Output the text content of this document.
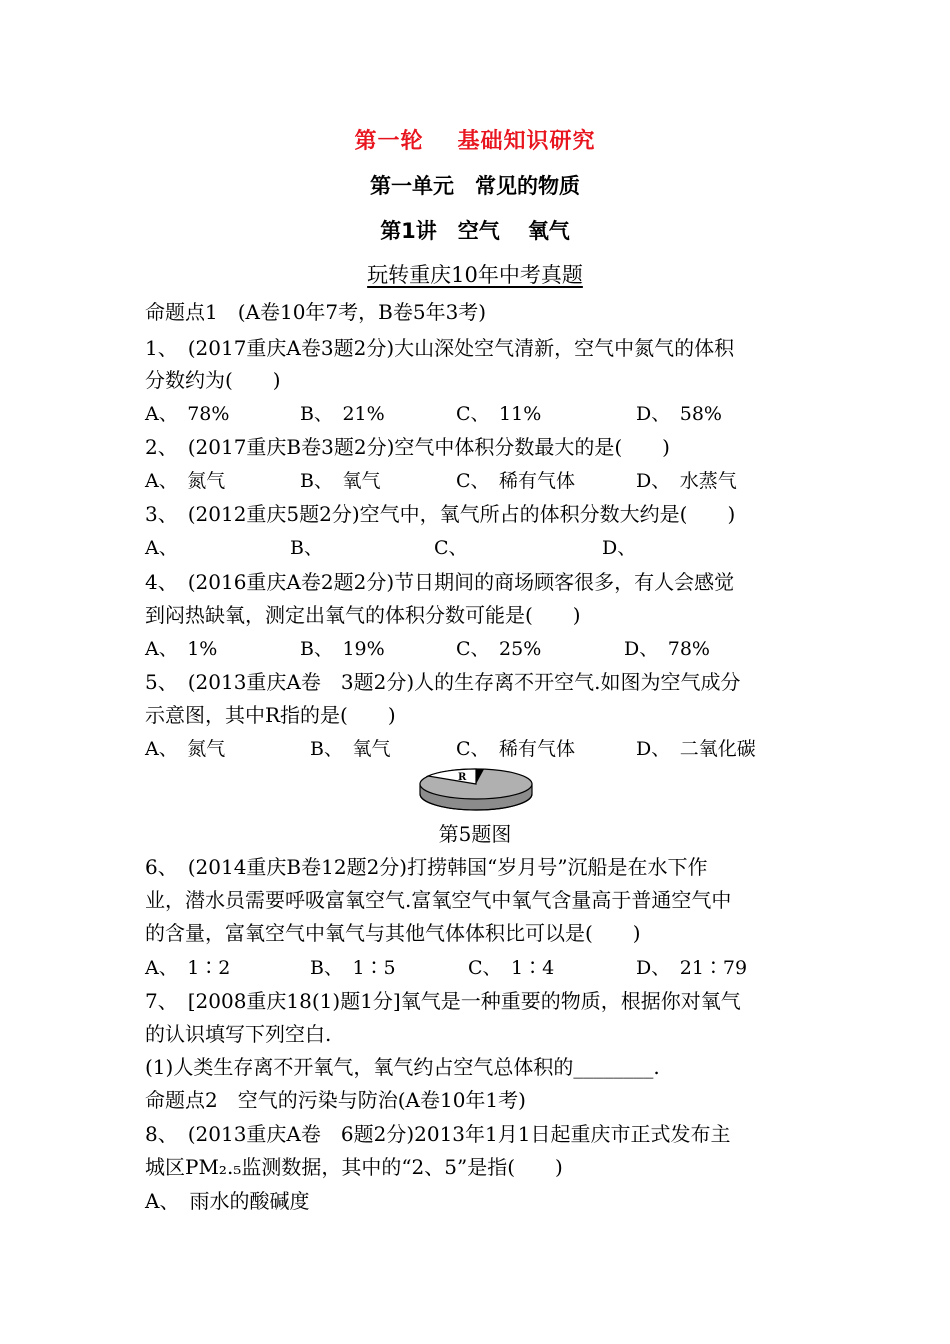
第一轮 基础知识研究
第一单元　常见的物质
第1讲　空气 氧气
玩转重庆10年中考真题
命题点1　(A卷10年7考，B卷5年3考)
1、　(2017重庆A卷3题2分)大山深处空气清新，空气中氮气的体积
分数约为(　　)
A、　78%	B、　21%	C、　11%	D、　58%
2、　(2017重庆B卷3题2分)空气中体积分数最大的是(　　)
A、　氮气	B、　氧气	C、　稀有气体	D、　水蒸气
3、　(2012重庆5题2分)空气中，氧气所占的体积分数大约是(　　)
A、	B、	C、	D、
4、　(2016重庆A卷2题2分)节日期间的商场顾客很多，有人会感觉
到闷热缺氧，测定出氧气的体积分数可能是(　　)
A、　1%	B、　19%	C、　25%	D、　78%
5、　(2013重庆A卷　3题2分)人的生存离不开空气.如图为空气成分
示意图，其中R指的是(　　)
A、　氮气	B、　氧气	C、　稀有气体	D、　二氧化碳
R
第5题图
6、　(2014重庆B卷12题2分)打捞韩国“岁月号”沉船是在水下作
业，潜水员需要呼吸富氧空气.富氧空气中氧气含量高于普通空气中
的含量，富氧空气中氧气与其他气体体积比可以是(　　)
A、　1∶2	B、　1∶5	C、　1∶4	D、　21∶79
7、　[2008重庆18(1)题1分]氧气是一种重要的物质，根据你对氧气
的认识填写下列空白.
(1)人类生存离不开氧气，氧气约占空气总体积的________.
命题点2　空气的污染与防治(A卷10年1考)
8、　(2013重庆A卷　6题2分)2013年1月1日起重庆市正式发布主
城区PM₂.₅监测数据，其中的“2、5”是指(　　)
A、　雨水的酸碱度
